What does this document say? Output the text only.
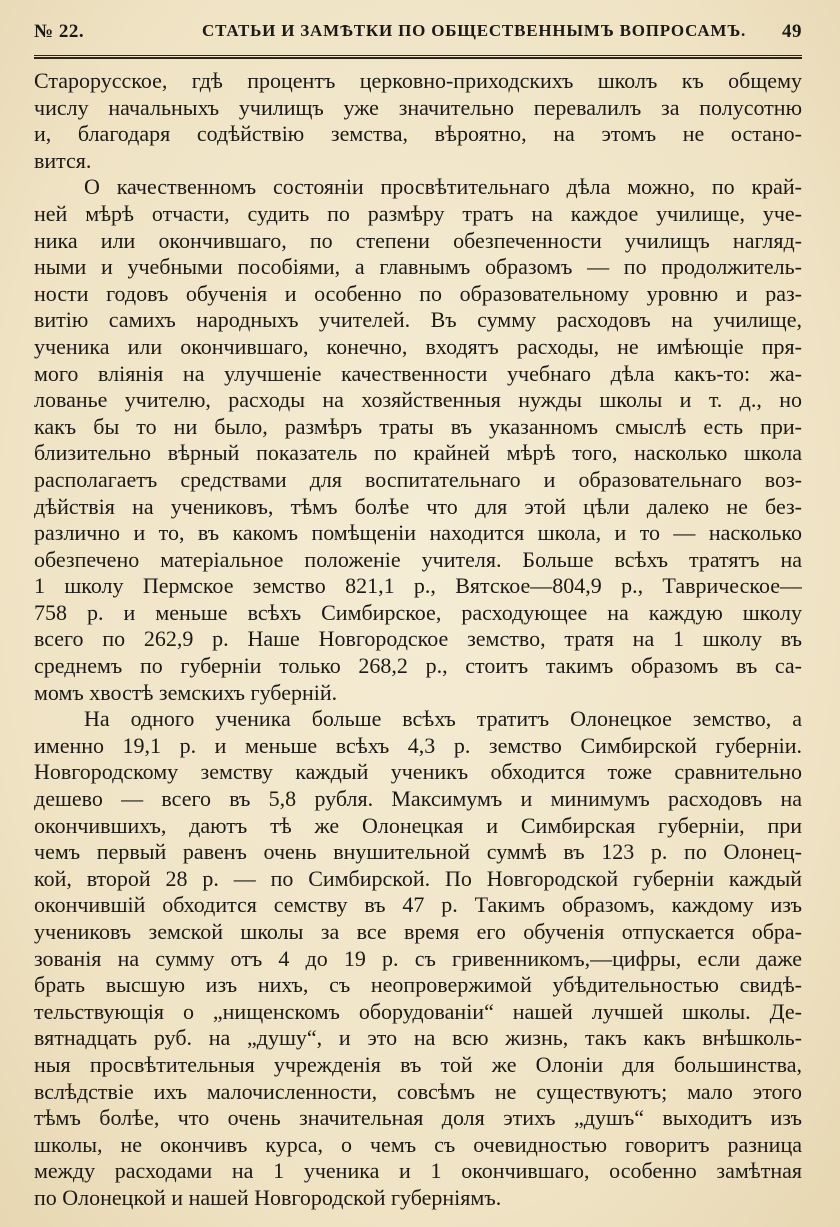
№ 22.	СТАТЬИ И ЗАМѢТКИ ПО ОБЩЕСТВЕННЫМЪ ВОПРОСАМЪ. 49
Старорусское, гдѣ процентъ церковно-приходскихъ школъ къ общему
числу начальныхъ училищъ уже значительно перевалилъ за полусотню
и, благодаря содѣйствію земства, вѣроятно, на этомъ не остано-
вится.
О качественномъ состояніи просвѣтительнаго дѣла можно, по край-
ней мѣрѣ отчасти, судить по размѣру тратъ на каждое училище, уче-
ника или окончившаго, по степени обезпеченности училищъ нагляд-
ными и учебными пособіями, а главнымъ образомъ — по продолжитель-
ности годовъ обученія и особенно по образовательному уровню и раз-
витію самихъ народныхъ учителей. Въ сумму расходовъ на училище,
ученика или окончившаго, конечно, входятъ расходы, не имѣющіе пря-
мого вліянія на улучшеніе качественности учебнаго дѣла какъ-то: жа-
лованье учителю, расходы на хозяйственныя нужды школы и т. д., но
какъ бы то ни было, размѣръ траты въ указанномъ смыслѣ есть при-
близительно вѣрный показатель по крайней мѣрѣ того, насколько школа
располагаетъ средствами для воспитательнаго и образовательнаго воз-
дѣйствія на учениковъ, тѣмъ болѣе что для этой цѣли далеко не без-
различно и то, въ какомъ помѣщеніи находится школа, и то — насколько
обезпечено матеріальное положеніе учителя. Больше всѣхъ тратятъ на
1 школу Пермское земство 821,1 р., Вятское—804,9 р., Таврическое—
758 р. и меньше всѣхъ Симбирское, расходующее на каждую школу
всего по 262,9 р. Наше Новгородское земство, тратя на 1 школу въ
среднемъ по губерніи только 268,2 р., стоитъ такимъ образомъ въ са-
момъ хвостѣ земскихъ губерній.
На одного ученика больше всѣхъ тратитъ Олонецкое земство, а
именно 19,1 р. и меньше всѣхъ 4,3 р. земство Симбирской губерніи.
Новгородскому земству каждый ученикъ обходится тоже сравнительно
дешево — всего въ 5,8 рубля. Максимумъ и минимумъ расходовъ на
окончившихъ, даютъ тѣ же Олонецкая и Симбирская губерніи, при
чемъ первый равенъ очень внушительной суммѣ въ 123 р. по Олонец-
кой, второй 28 р. — по Симбирской. По Новгородской губерніи каждый
окончившій обходится семству въ 47 р. Такимъ образомъ, каждому изъ
учениковъ земской школы за все время его обученія отпускается обра-
зованія на сумму отъ 4 до 19 р. съ гривенникомъ,—цифры, если даже
брать высшую изъ нихъ, съ неопровержимой убѣдительностью свидѣ-
тельствующія о „нищенскомъ оборудованіи“ нашей лучшей школы. Де-
вятнадцать руб. на „душу“, и это на всю жизнь, такъ какъ внѣшколь-
ныя просвѣтительныя учрежденія въ той же Олоніи для большинства,
вслѣдствіе ихъ малочисленности, совсѣмъ не существуютъ; мало этого
тѣмъ болѣе, что очень значительная доля этихъ „душъ“ выходитъ изъ
школы, не окончивъ курса, о чемъ съ очевидностью говоритъ разница
между расходами на 1 ученика и 1 окончившаго, особенно замѣтная
по Олонецкой и нашей Новгородской губерніямъ.
